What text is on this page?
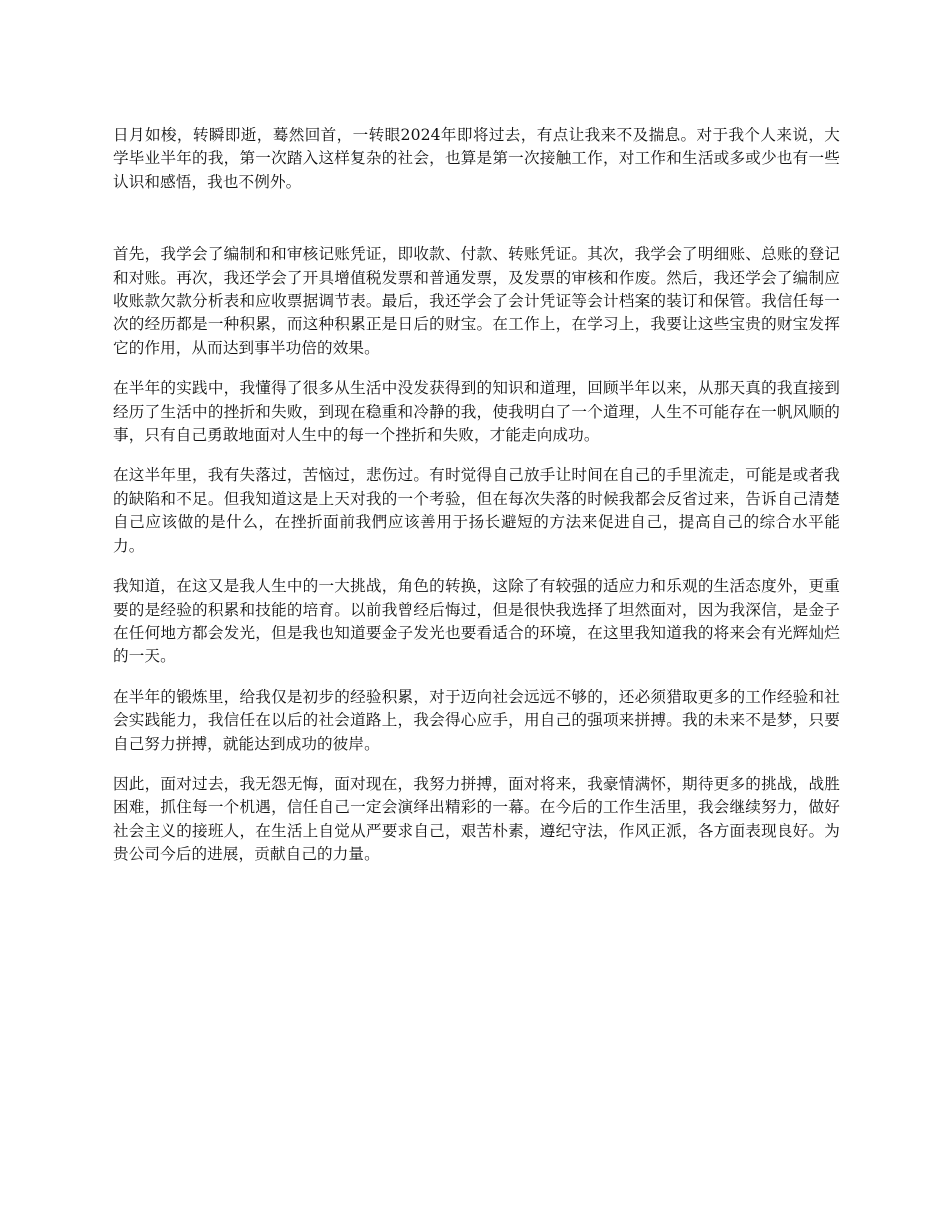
日月如梭，转瞬即逝，蓦然回首，一转眼2024年即将过去，有点让我来不及揣息。对于我个人来说，大学毕业半年的我，第一次踏入这样复杂的社会，也算是第一次接触工作，对工作和生活或多或少也有一些认识和感悟，我也不例外。

首先，我学会了编制和和审核记账凭证，即收款、付款、转账凭证。其次，我学会了明细账、总账的登记和对账。再次，我还学会了开具增值税发票和普通发票，及发票的审核和作废。然后，我还学会了编制应收账款欠款分析表和应收票据调节表。最后，我还学会了会计凭证等会计档案的装订和保管。我信任每一次的经历都是一种积累，而这种积累正是日后的财宝。在工作上，在学习上，我要让这些宝贵的财宝发挥它的作用，从而达到事半功倍的效果。

在半年的实践中，我懂得了很多从生活中没发获得到的知识和道理，回顾半年以来，从那天真的我直接到经历了生活中的挫折和失败，到现在稳重和冷静的我，使我明白了一个道理，人生不可能存在一帆风顺的事，只有自己勇敢地面对人生中的每一个挫折和失败，才能走向成功。

在这半年里，我有失落过，苦恼过，悲伤过。有时觉得自己放手让时间在自己的手里流走，可能是或者我的缺陷和不足。但我知道这是上天对我的一个考验，但在每次失落的时候我都会反省过来，告诉自己清楚自己应该做的是什么，在挫折面前我們应该善用于扬长避短的方法来促进自己，提高自己的综合水平能力。

我知道，在这又是我人生中的一大挑战，角色的转换，这除了有较强的适应力和乐观的生活态度外，更重要的是经验的积累和技能的培育。以前我曾经后悔过，但是很快我选择了坦然面对，因为我深信，是金子在任何地方都会发光，但是我也知道要金子发光也要看适合的环境，在这里我知道我的将来会有光辉灿烂的一天。

在半年的锻炼里，给我仅是初步的经验积累，对于迈向社会远远不够的，还必须猎取更多的工作经验和社会实践能力，我信任在以后的社会道路上，我会得心应手，用自己的强项来拼搏。我的未来不是梦，只要自己努力拼搏，就能达到成功的彼岸。

因此，面对过去，我无怨无悔，面对现在，我努力拼搏，面对将来，我豪情满怀，期待更多的挑战，战胜困难，抓住每一个机遇，信任自己一定会演绎出精彩的一幕。在今后的工作生活里，我会继续努力，做好社会主义的接班人，在生活上自觉从严要求自己，艰苦朴素，遵纪守法，作风正派，各方面表现良好。为贵公司今后的进展，贡献自己的力量。
